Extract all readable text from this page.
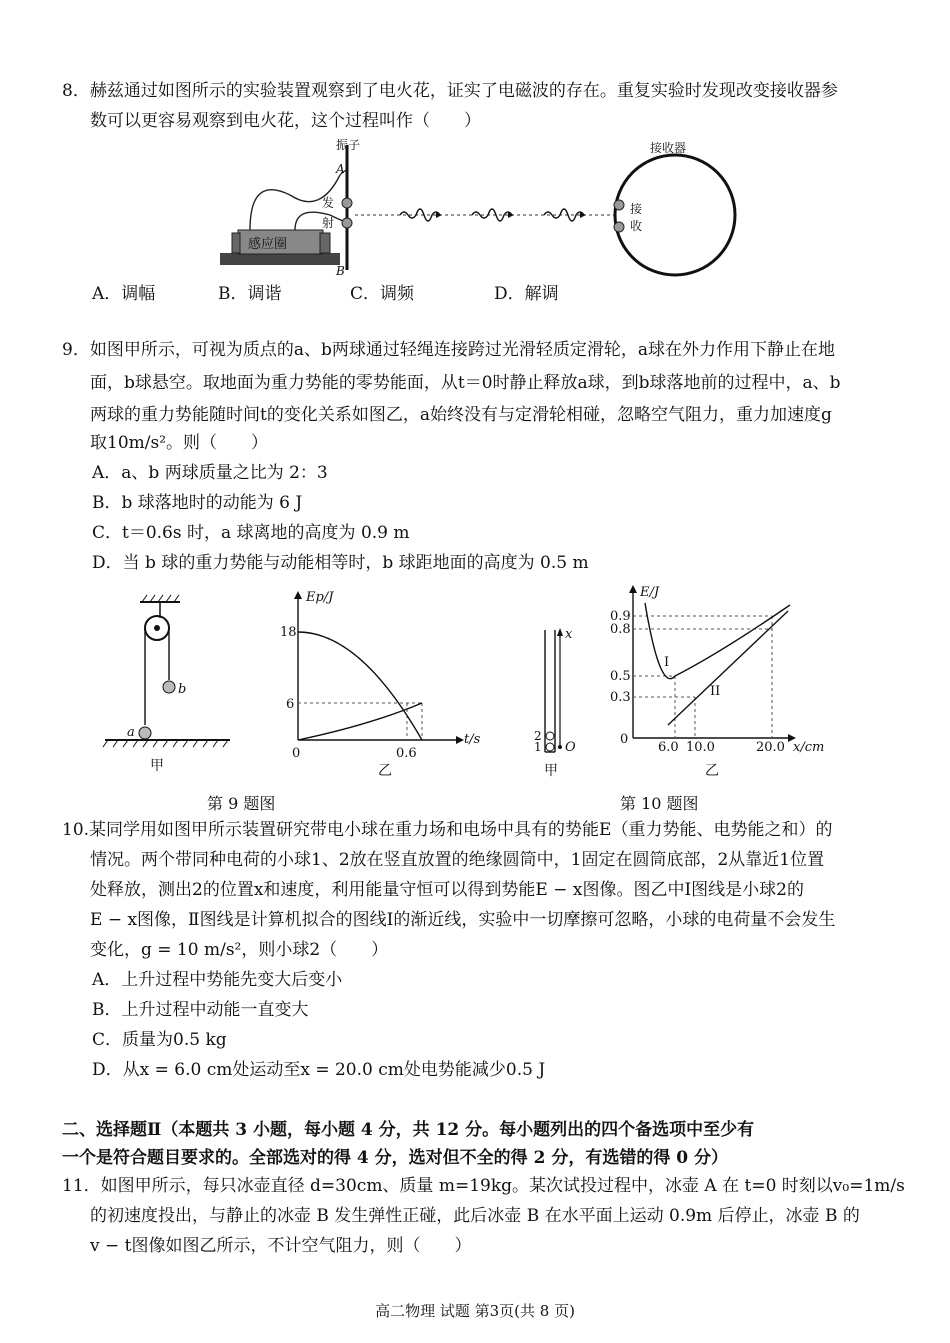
8．赫兹通过如图所示的实验装置观察到了电火花，证实了电磁波的存在。重复实验时发现改变接收器参
数可以更容易观察到电火花，这个过程叫作（　　）
感应圈
振子
A
B
发
射
接收器
接
收
A．调幅	B．调谐	C．调频	D．解调
9．如图甲所示，可视为质点的a、b两球通过轻绳连接跨过光滑轻质定滑轮，a球在外力作用下静止在地
面，b球悬空。取地面为重力势能的零势能面，从t＝0时静止释放a球，到b球落地前的过程中，a、b
两球的重力势能随时间t的变化关系如图乙，a始终没有与定滑轮相碰，忽略空气阻力，重力加速度g
取10m/s²。则（　　）
A．a、b 两球质量之比为 2：3
B．b 球落地时的动能为 6 J
C．t＝0.6s 时，a 球离地的高度为 0.9 m
D．当 b 球的重力势能与动能相等时，b 球距地面的高度为 0.5 m
b
a
甲
Ep/J
t/s
18
6
0	0.6
乙
x
2
1 O
甲
E/J
x/cm
0.9
0.8
0.5
0.3
0
6.0 10.0	20.0
I
II
乙
第 9 题图	第 10 题图
10.某同学用如图甲所示装置研究带电小球在重力场和电场中具有的势能E（重力势能、电势能之和）的
情况。两个带同种电荷的小球1、2放在竖直放置的绝缘圆筒中，1固定在圆筒底部，2从靠近1位置
处释放，测出2的位置x和速度，利用能量守恒可以得到势能E − x图像。图乙中Ⅰ图线是小球2的
E − x图像，Ⅱ图线是计算机拟合的图线Ⅰ的渐近线，实验中一切摩擦可忽略，小球的电荷量不会发生
变化，g = 10 m/s²，则小球2（　　）
A．上升过程中势能先变大后变小
B．上升过程中动能一直变大
C．质量为0.5 kg
D．从x = 6.0 cm处运动至x = 20.0 cm处电势能减少0.5 J
二、选择题Ⅱ（本题共 3 小题，每小题 4 分，共 12 分。每小题列出的四个备选项中至少有
一个是符合题目要求的。全部选对的得 4 分，选对但不全的得 2 分，有选错的得 0 分）
11．如图甲所示，每只冰壶直径 d=30cm、质量 m=19kg。某次试投过程中，冰壶 A 在 t=0 时刻以v₀=1m/s
的初速度投出，与静止的冰壶 B 发生弹性正碰，此后冰壶 B 在水平面上运动 0.9m 后停止，冰壶 B 的
v − t图像如图乙所示，不计空气阻力，则（　　）
高二物理 试题 第3页(共 8 页)
